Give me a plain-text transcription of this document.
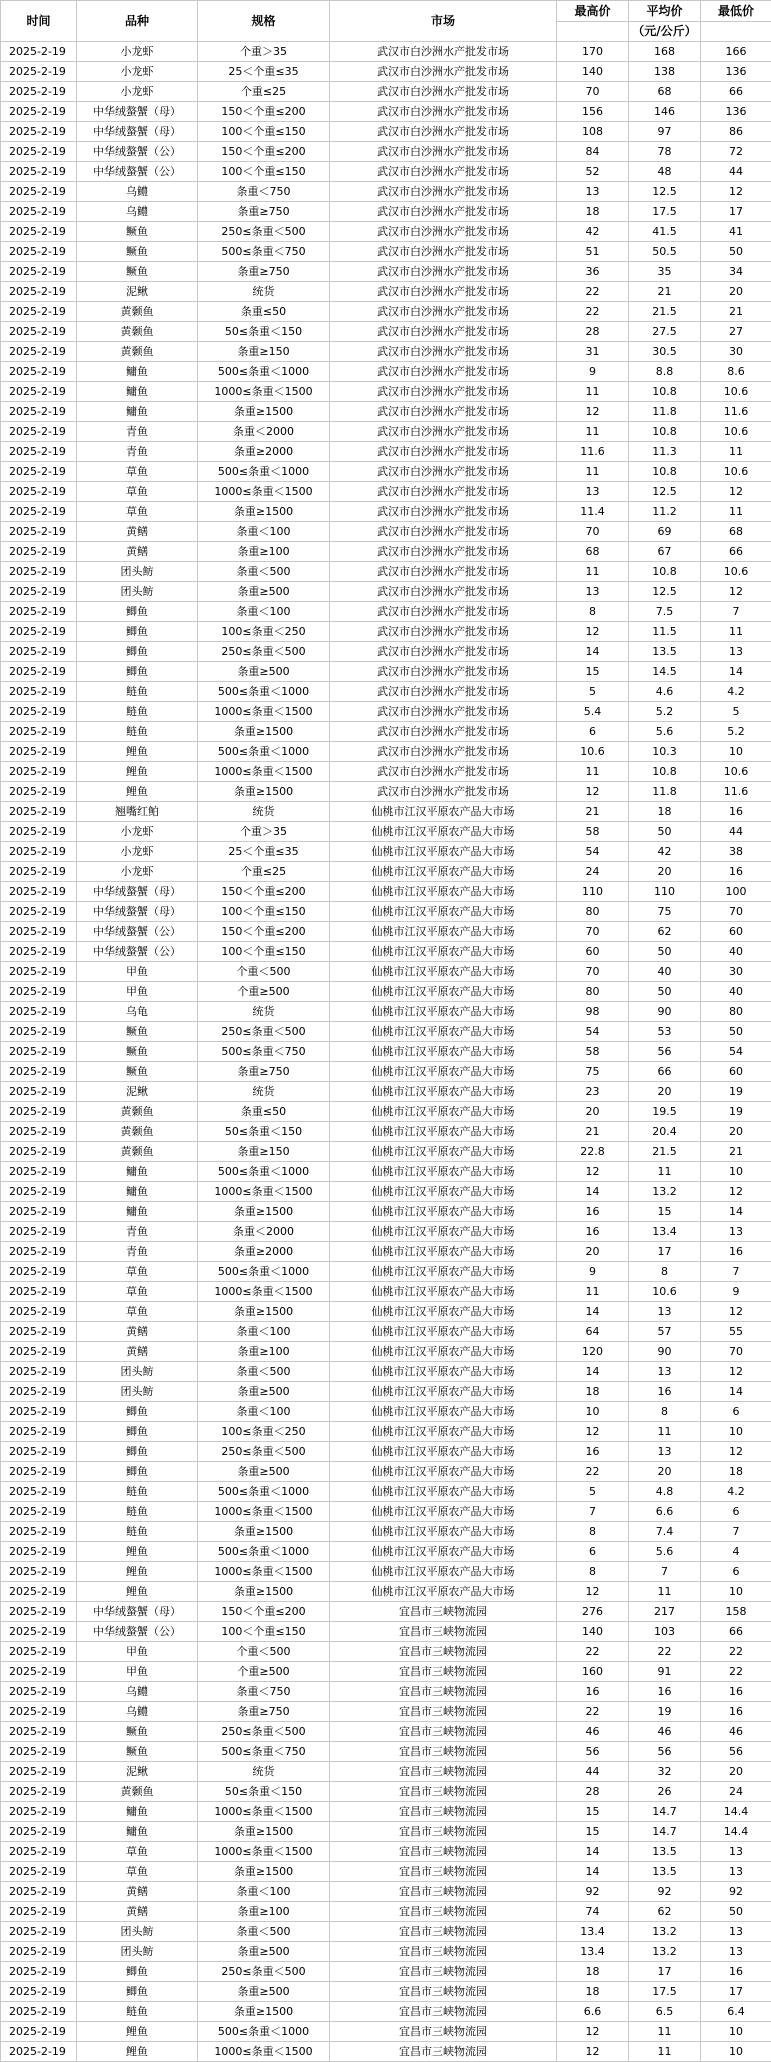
时间	品种	规格	市场	最高价	平均价	最低价
					（元/公斤）	
2025-2-19	小龙虾	个重＞35	武汉市白沙洲水产批发市场	170	168	166
2025-2-19	小龙虾	25＜个重≤35	武汉市白沙洲水产批发市场	140	138	136
2025-2-19	小龙虾	个重≤25	武汉市白沙洲水产批发市场	70	68	66
2025-2-19	中华绒螯蟹（母）	150＜个重≤200	武汉市白沙洲水产批发市场	156	146	136
2025-2-19	中华绒螯蟹（母）	100＜个重≤150	武汉市白沙洲水产批发市场	108	97	86
2025-2-19	中华绒螯蟹（公）	150＜个重≤200	武汉市白沙洲水产批发市场	84	78	72
2025-2-19	中华绒螯蟹（公）	100＜个重≤150	武汉市白沙洲水产批发市场	52	48	44
2025-2-19	乌鳢	条重＜750	武汉市白沙洲水产批发市场	13	12.5	12
2025-2-19	乌鳢	条重≥750	武汉市白沙洲水产批发市场	18	17.5	17
2025-2-19	鳜鱼	250≤条重＜500	武汉市白沙洲水产批发市场	42	41.5	41
2025-2-19	鳜鱼	500≤条重＜750	武汉市白沙洲水产批发市场	51	50.5	50
2025-2-19	鳜鱼	条重≥750	武汉市白沙洲水产批发市场	36	35	34
2025-2-19	泥鳅	统货	武汉市白沙洲水产批发市场	22	21	20
2025-2-19	黄颡鱼	条重≤50	武汉市白沙洲水产批发市场	22	21.5	21
2025-2-19	黄颡鱼	50≤条重＜150	武汉市白沙洲水产批发市场	28	27.5	27
2025-2-19	黄颡鱼	条重≥150	武汉市白沙洲水产批发市场	31	30.5	30
2025-2-19	鳙鱼	500≤条重＜1000	武汉市白沙洲水产批发市场	9	8.8	8.6
2025-2-19	鳙鱼	1000≤条重＜1500	武汉市白沙洲水产批发市场	11	10.8	10.6
2025-2-19	鳙鱼	条重≥1500	武汉市白沙洲水产批发市场	12	11.8	11.6
2025-2-19	青鱼	条重＜2000	武汉市白沙洲水产批发市场	11	10.8	10.6
2025-2-19	青鱼	条重≥2000	武汉市白沙洲水产批发市场	11.6	11.3	11
2025-2-19	草鱼	500≤条重＜1000	武汉市白沙洲水产批发市场	11	10.8	10.6
2025-2-19	草鱼	1000≤条重＜1500	武汉市白沙洲水产批发市场	13	12.5	12
2025-2-19	草鱼	条重≥1500	武汉市白沙洲水产批发市场	11.4	11.2	11
2025-2-19	黄鳝	条重＜100	武汉市白沙洲水产批发市场	70	69	68
2025-2-19	黄鳝	条重≥100	武汉市白沙洲水产批发市场	68	67	66
2025-2-19	团头鲂	条重＜500	武汉市白沙洲水产批发市场	11	10.8	10.6
2025-2-19	团头鲂	条重≥500	武汉市白沙洲水产批发市场	13	12.5	12
2025-2-19	鲫鱼	条重＜100	武汉市白沙洲水产批发市场	8	7.5	7
2025-2-19	鲫鱼	100≤条重＜250	武汉市白沙洲水产批发市场	12	11.5	11
2025-2-19	鲫鱼	250≤条重＜500	武汉市白沙洲水产批发市场	14	13.5	13
2025-2-19	鲫鱼	条重≥500	武汉市白沙洲水产批发市场	15	14.5	14
2025-2-19	鲢鱼	500≤条重＜1000	武汉市白沙洲水产批发市场	5	4.6	4.2
2025-2-19	鲢鱼	1000≤条重＜1500	武汉市白沙洲水产批发市场	5.4	5.2	5
2025-2-19	鲢鱼	条重≥1500	武汉市白沙洲水产批发市场	6	5.6	5.2
2025-2-19	鲤鱼	500≤条重＜1000	武汉市白沙洲水产批发市场	10.6	10.3	10
2025-2-19	鲤鱼	1000≤条重＜1500	武汉市白沙洲水产批发市场	11	10.8	10.6
2025-2-19	鲤鱼	条重≥1500	武汉市白沙洲水产批发市场	12	11.8	11.6
2025-2-19	翘嘴红鲌	统货	仙桃市江汉平原农产品大市场	21	18	16
2025-2-19	小龙虾	个重＞35	仙桃市江汉平原农产品大市场	58	50	44
2025-2-19	小龙虾	25＜个重≤35	仙桃市江汉平原农产品大市场	54	42	38
2025-2-19	小龙虾	个重≤25	仙桃市江汉平原农产品大市场	24	20	16
2025-2-19	中华绒螯蟹（母）	150＜个重≤200	仙桃市江汉平原农产品大市场	110	110	100
2025-2-19	中华绒螯蟹（母）	100＜个重≤150	仙桃市江汉平原农产品大市场	80	75	70
2025-2-19	中华绒螯蟹（公）	150＜个重≤200	仙桃市江汉平原农产品大市场	70	62	60
2025-2-19	中华绒螯蟹（公）	100＜个重≤150	仙桃市江汉平原农产品大市场	60	50	40
2025-2-19	甲鱼	个重＜500	仙桃市江汉平原农产品大市场	70	40	30
2025-2-19	甲鱼	个重≥500	仙桃市江汉平原农产品大市场	80	50	40
2025-2-19	乌龟	统货	仙桃市江汉平原农产品大市场	98	90	80
2025-2-19	鳜鱼	250≤条重＜500	仙桃市江汉平原农产品大市场	54	53	50
2025-2-19	鳜鱼	500≤条重＜750	仙桃市江汉平原农产品大市场	58	56	54
2025-2-19	鳜鱼	条重≥750	仙桃市江汉平原农产品大市场	75	66	60
2025-2-19	泥鳅	统货	仙桃市江汉平原农产品大市场	23	20	19
2025-2-19	黄颡鱼	条重≤50	仙桃市江汉平原农产品大市场	20	19.5	19
2025-2-19	黄颡鱼	50≤条重＜150	仙桃市江汉平原农产品大市场	21	20.4	20
2025-2-19	黄颡鱼	条重≥150	仙桃市江汉平原农产品大市场	22.8	21.5	21
2025-2-19	鳙鱼	500≤条重＜1000	仙桃市江汉平原农产品大市场	12	11	10
2025-2-19	鳙鱼	1000≤条重＜1500	仙桃市江汉平原农产品大市场	14	13.2	12
2025-2-19	鳙鱼	条重≥1500	仙桃市江汉平原农产品大市场	16	15	14
2025-2-19	青鱼	条重＜2000	仙桃市江汉平原农产品大市场	16	13.4	13
2025-2-19	青鱼	条重≥2000	仙桃市江汉平原农产品大市场	20	17	16
2025-2-19	草鱼	500≤条重＜1000	仙桃市江汉平原农产品大市场	9	8	7
2025-2-19	草鱼	1000≤条重＜1500	仙桃市江汉平原农产品大市场	11	10.6	9
2025-2-19	草鱼	条重≥1500	仙桃市江汉平原农产品大市场	14	13	12
2025-2-19	黄鳝	条重＜100	仙桃市江汉平原农产品大市场	64	57	55
2025-2-19	黄鳝	条重≥100	仙桃市江汉平原农产品大市场	120	90	70
2025-2-19	团头鲂	条重＜500	仙桃市江汉平原农产品大市场	14	13	12
2025-2-19	团头鲂	条重≥500	仙桃市江汉平原农产品大市场	18	16	14
2025-2-19	鲫鱼	条重＜100	仙桃市江汉平原农产品大市场	10	8	6
2025-2-19	鲫鱼	100≤条重＜250	仙桃市江汉平原农产品大市场	12	11	10
2025-2-19	鲫鱼	250≤条重＜500	仙桃市江汉平原农产品大市场	16	13	12
2025-2-19	鲫鱼	条重≥500	仙桃市江汉平原农产品大市场	22	20	18
2025-2-19	鲢鱼	500≤条重＜1000	仙桃市江汉平原农产品大市场	5	4.8	4.2
2025-2-19	鲢鱼	1000≤条重＜1500	仙桃市江汉平原农产品大市场	7	6.6	6
2025-2-19	鲢鱼	条重≥1500	仙桃市江汉平原农产品大市场	8	7.4	7
2025-2-19	鲤鱼	500≤条重＜1000	仙桃市江汉平原农产品大市场	6	5.6	4
2025-2-19	鲤鱼	1000≤条重＜1500	仙桃市江汉平原农产品大市场	8	7	6
2025-2-19	鲤鱼	条重≥1500	仙桃市江汉平原农产品大市场	12	11	10
2025-2-19	中华绒螯蟹（母）	150＜个重≤200	宜昌市三峡物流园	276	217	158
2025-2-19	中华绒螯蟹（公）	100＜个重≤150	宜昌市三峡物流园	140	103	66
2025-2-19	甲鱼	个重＜500	宜昌市三峡物流园	22	22	22
2025-2-19	甲鱼	个重≥500	宜昌市三峡物流园	160	91	22
2025-2-19	乌鳢	条重＜750	宜昌市三峡物流园	16	16	16
2025-2-19	乌鳢	条重≥750	宜昌市三峡物流园	22	19	16
2025-2-19	鳜鱼	250≤条重＜500	宜昌市三峡物流园	46	46	46
2025-2-19	鳜鱼	500≤条重＜750	宜昌市三峡物流园	56	56	56
2025-2-19	泥鳅	统货	宜昌市三峡物流园	44	32	20
2025-2-19	黄颡鱼	50≤条重＜150	宜昌市三峡物流园	28	26	24
2025-2-19	鳙鱼	1000≤条重＜1500	宜昌市三峡物流园	15	14.7	14.4
2025-2-19	鳙鱼	条重≥1500	宜昌市三峡物流园	15	14.7	14.4
2025-2-19	草鱼	1000≤条重＜1500	宜昌市三峡物流园	14	13.5	13
2025-2-19	草鱼	条重≥1500	宜昌市三峡物流园	14	13.5	13
2025-2-19	黄鳝	条重＜100	宜昌市三峡物流园	92	92	92
2025-2-19	黄鳝	条重≥100	宜昌市三峡物流园	74	62	50
2025-2-19	团头鲂	条重＜500	宜昌市三峡物流园	13.4	13.2	13
2025-2-19	团头鲂	条重≥500	宜昌市三峡物流园	13.4	13.2	13
2025-2-19	鲫鱼	250≤条重＜500	宜昌市三峡物流园	18	17	16
2025-2-19	鲫鱼	条重≥500	宜昌市三峡物流园	18	17.5	17
2025-2-19	鲢鱼	条重≥1500	宜昌市三峡物流园	6.6	6.5	6.4
2025-2-19	鲤鱼	500≤条重＜1000	宜昌市三峡物流园	12	11	10
2025-2-19	鲤鱼	1000≤条重＜1500	宜昌市三峡物流园	12	11	10
